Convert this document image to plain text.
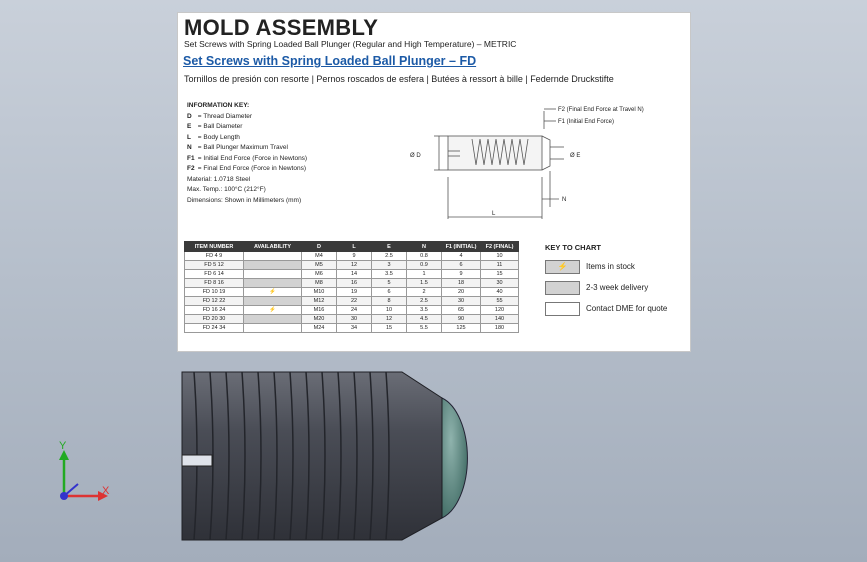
MOLD ASSEMBLY
Set Screws with Spring Loaded Ball Plunger (Regular and High Temperature) – METRIC
Set Screws with Spring Loaded Ball Plunger – FD
Tornillos de presión con resorte | Pernos roscados de esfera | Butées à ressort à bille | Federnde Druckstifte
INFORMATION KEY:
D = Thread Diameter
E = Ball Diameter
L = Body Length
N = Ball Plunger Maximum Travel
F1 = Initial End Force (Force in Newtons)
F2 = Final End Force (Force in Newtons)
Material: 1.0718 Steel
Max. Temp.: 100°C (212°F)
Dimensions: Shown in Millimeters (mm)
F2 (Final End Force at Travel N)
F1 (Initial End Force)
Ø D	Ø E
N
L
ITEM NUMBER	AVAILABILITY	D	L	E	N	F1 (INITIAL)	F2 (FINAL)
FD 4 9		M4	9	2.5	0.8	4	10
FD 5 12		M5	12	3	0.9	6	11
FD 6 14		M6	14	3.5	1	9	15
FD 8 16		M8	16	5	1.5	18	30
FD 10 19	⚡	M10	19	6	2	20	40
FD 12 22		M12	22	8	2.5	30	55
FD 16 24	⚡	M16	24	10	3.5	65	120
FD 20 30		M20	30	12	4.5	90	140
FD 24 34		M24	34	15	5.5	125	180
KEY TO CHART
⚡	Items in stock
2-3 week delivery
Contact DME for quote
Y
X
